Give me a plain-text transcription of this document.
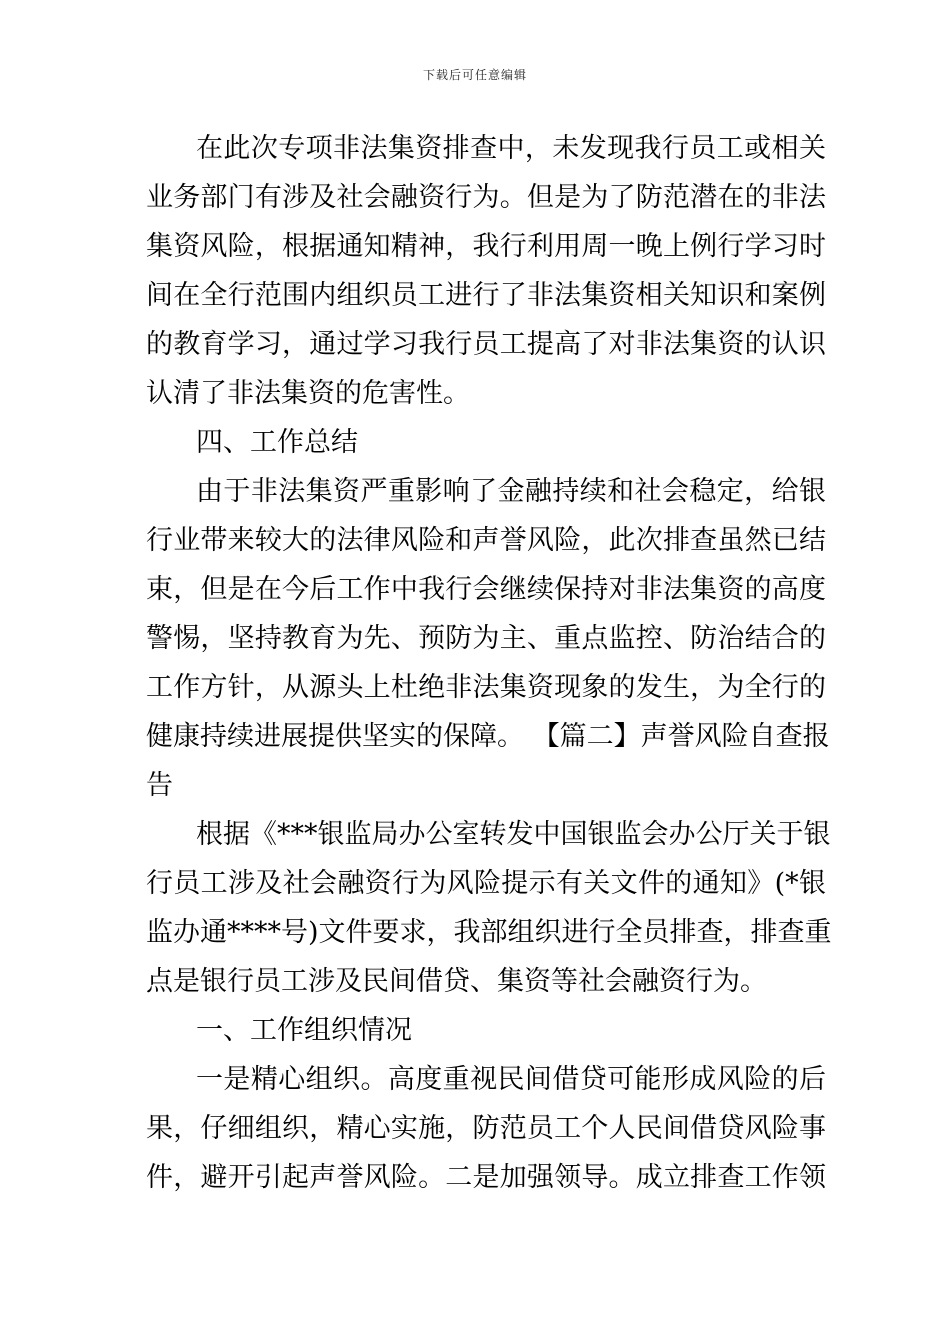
下载后可任意编辑
在此次专项非法集资排查中，未发现我行员工或相关
业务部门有涉及社会融资行为。但是为了防范潜在的非法
集资风险，根据通知精神，我行利用周一晚上例行学习时
间在全行范围内组织员工进行了非法集资相关知识和案例
的教育学习，通过学习我行员工提高了对非法集资的认识
认清了非法集资的危害性。
四、工作总结
由于非法集资严重影响了金融持续和社会稳定，给银
行业带来较大的法律风险和声誉风险，此次排查虽然已结
束，但是在今后工作中我行会继续保持对非法集资的高度
警惕，坚持教育为先、预防为主、重点监控、防治结合的
工作方针，从源头上杜绝非法集资现象的发生，为全行的
健康持续进展提供坚实的保障。 【篇二】声誉风险自查报
告
根据《***银监局办公室转发中国银监会办公厅关于银
行员工涉及社会融资行为风险提示有关文件的通知》(*银
监办通****号)文件要求，我部组织进行全员排查，排查重
点是银行员工涉及民间借贷、集资等社会融资行为。
一、工作组织情况
一是精心组织。高度重视民间借贷可能形成风险的后
果，仔细组织，精心实施，防范员工个人民间借贷风险事
件，避开引起声誉风险。二是加强领导。成立排查工作领
